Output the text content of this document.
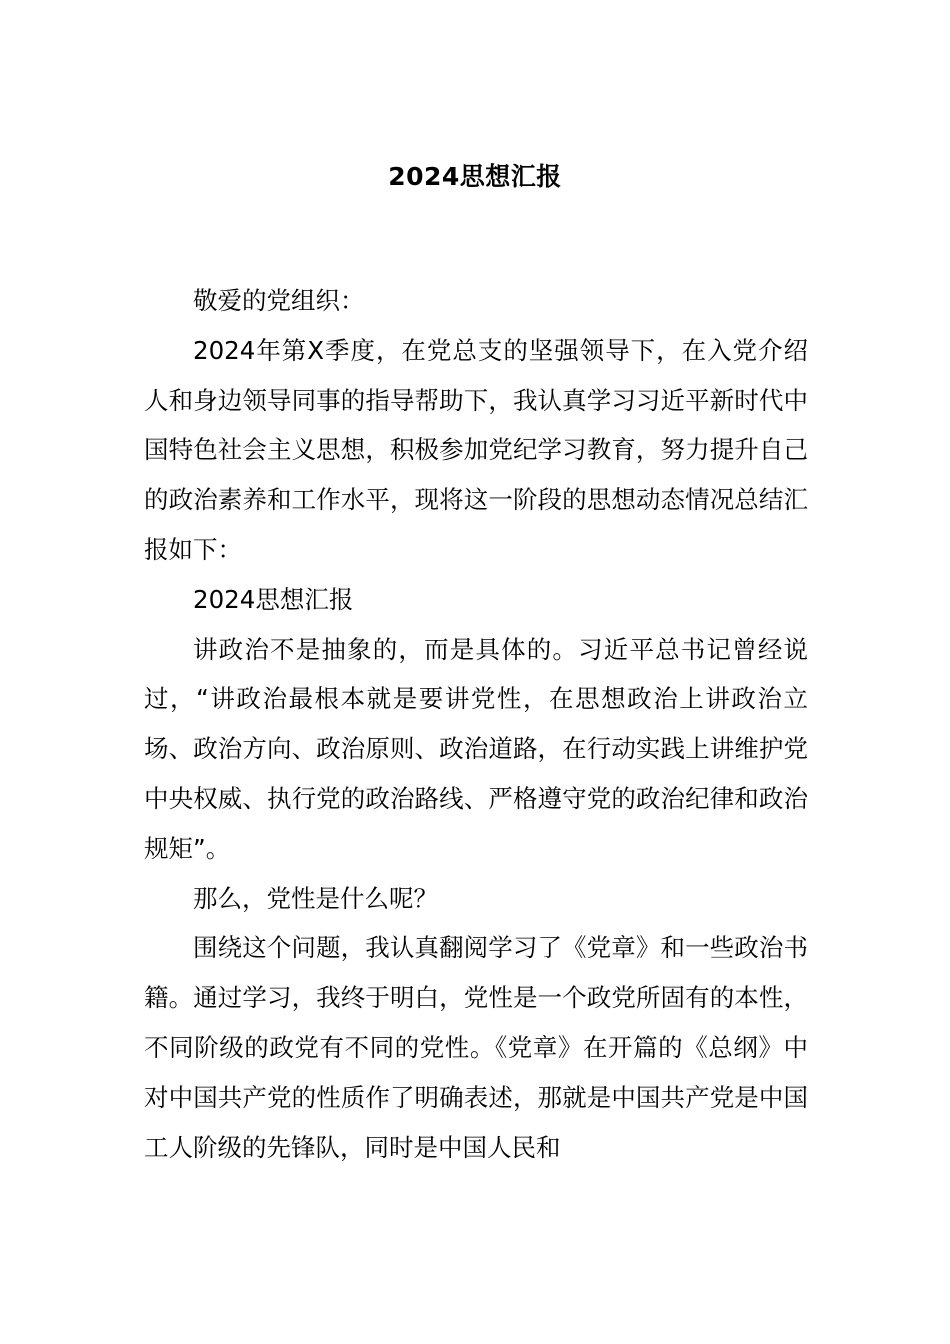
2024思想汇报

敬爱的党组织：

2024年第X季度，在党总支的坚强领导下，在入党介绍人和身边领导同事的指导帮助下，我认真学习习近平新时代中国特色社会主义思想，积极参加党纪学习教育，努力提升自己的政治素养和工作水平，现将这一阶段的思想动态情况总结汇报如下：

2024思想汇报

讲政治不是抽象的，而是具体的。习近平总书记曾经说过，“讲政治最根本就是要讲党性，在思想政治上讲政治立场、政治方向、政治原则、政治道路，在行动实践上讲维护党中央权威、执行党的政治路线、严格遵守党的政治纪律和政治规矩”。

那么，党性是什么呢？

围绕这个问题，我认真翻阅学习了《党章》和一些政治书籍。通过学习，我终于明白，党性是一个政党所固有的本性，不同阶级的政党有不同的党性。《党章》在开篇的《总纲》中对中国共产党的性质作了明确表述，那就是中国共产党是中国工人阶级的先锋队，同时是中国人民和
